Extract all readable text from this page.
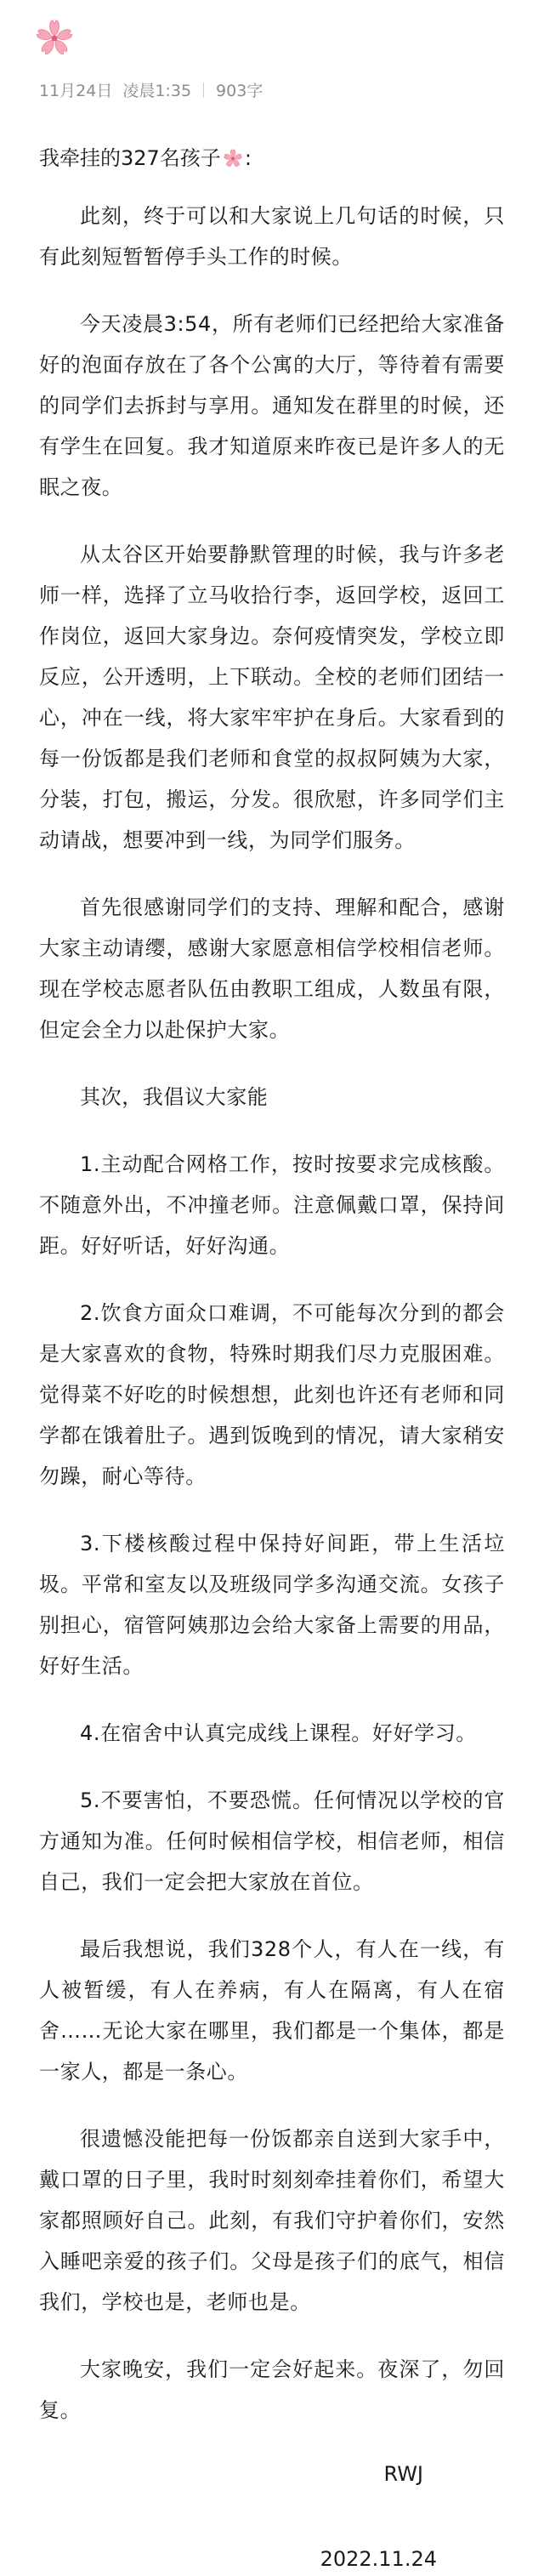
11月24日 凌晨1:35 903字

我牵挂的327名孩子 :

此刻，终于可以和大家说上几句话的时候，只有此刻短暂暂停手头工作的时候。

今天凌晨3:54，所有老师们已经把给大家准备好的泡面存放在了各个公寓的大厅，等待着有需要的同学们去拆封与享用。通知发在群里的时候，还有学生在回复。我才知道原来昨夜已是许多人的无眠之夜。

从太谷区开始要静默管理的时候，我与许多老师一样，选择了立马收拾行李，返回学校，返回工作岗位，返回大家身边。奈何疫情突发，学校立即反应，公开透明，上下联动。全校的老师们团结一心，冲在一线，将大家牢牢护在身后。大家看到的每一份饭都是我们老师和食堂的叔叔阿姨为大家，分装，打包，搬运，分发。很欣慰，许多同学们主动请战，想要冲到一线，为同学们服务。

首先很感谢同学们的支持、理解和配合，感谢大家主动请缨，感谢大家愿意相信学校相信老师。现在学校志愿者队伍由教职工组成，人数虽有限，但定会全力以赴保护大家。

其次，我倡议大家能

1.主动配合网格工作，按时按要求完成核酸。不随意外出，不冲撞老师。注意佩戴口罩，保持间距。好好听话，好好沟通。

2.饮食方面众口难调，不可能每次分到的都会是大家喜欢的食物，特殊时期我们尽力克服困难。觉得菜不好吃的时候想想，此刻也许还有老师和同学都在饿着肚子。遇到饭晚到的情况，请大家稍安勿躁，耐心等待。

3.下楼核酸过程中保持好间距，带上生活垃圾。平常和室友以及班级同学多沟通交流。女孩子别担心，宿管阿姨那边会给大家备上需要的用品，好好生活。

4.在宿舍中认真完成线上课程。好好学习。

5.不要害怕，不要恐慌。任何情况以学校的官方通知为准。任何时候相信学校，相信老师，相信自己，我们一定会把大家放在首位。

最后我想说，我们328个人，有人在一线，有人被暂缓，有人在养病，有人在隔离，有人在宿舍……无论大家在哪里，我们都是一个集体，都是一家人，都是一条心。

很遗憾没能把每一份饭都亲自送到大家手中，戴口罩的日子里，我时时刻刻牵挂着你们，希望大家都照顾好自己。此刻，有我们守护着你们，安然入睡吧亲爱的孩子们。父母是孩子们的底气，相信我们，学校也是，老师也是。

大家晚安，我们一定会好起来。夜深了，勿回复。

RWJ

2022.11.24
